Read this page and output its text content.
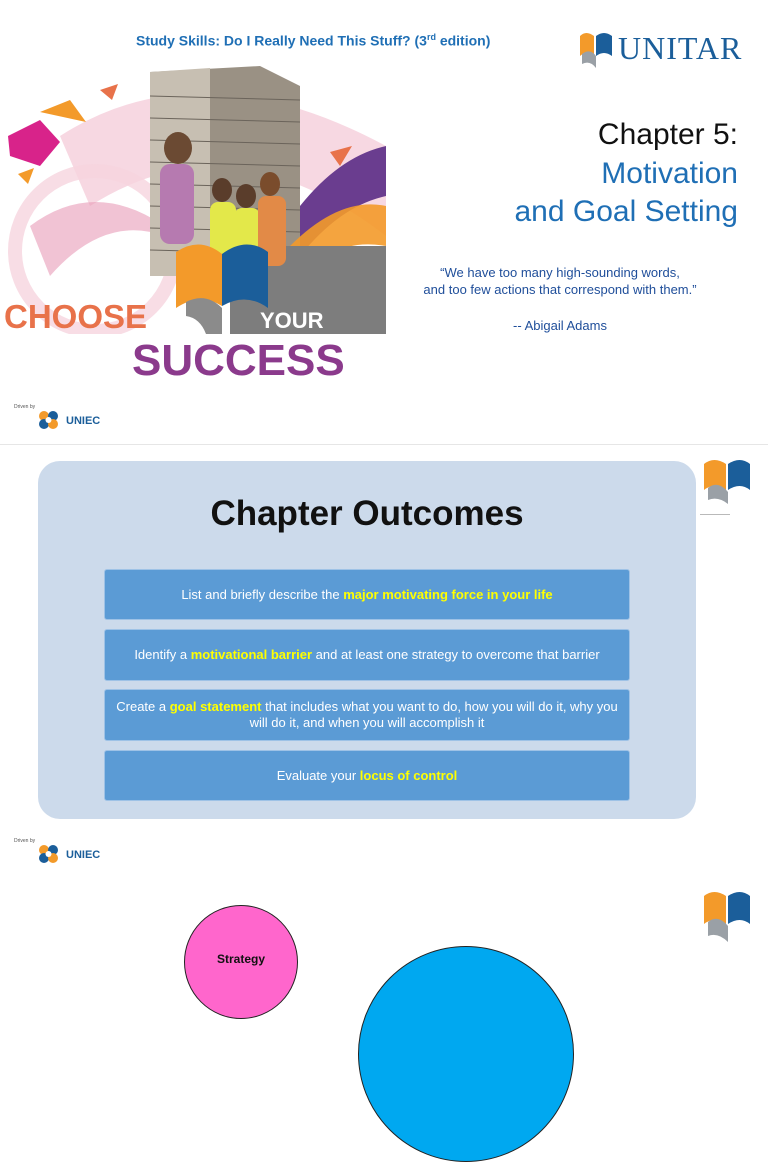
Study Skills: Do I Really Need This Stuff? (3rd edition)	UNITAR
CHOOSE	YOUR
SUCCESS
Chapter 5:
Motivation
and Goal Setting
“We have too many high-sounding words,
and too few actions that correspond with them.”
-- Abigail Adams
Driven by
UNIEC
Chapter Outcomes
List and briefly describe the major motivating force in your life
Identify a motivational barrier and at least one strategy to overcome that barrier
Create a goal statement that includes what you want to do, how you will do it, why you will do it, and when you will accomplish it
Evaluate your locus of control
Driven by
UNIEC
Strategy
